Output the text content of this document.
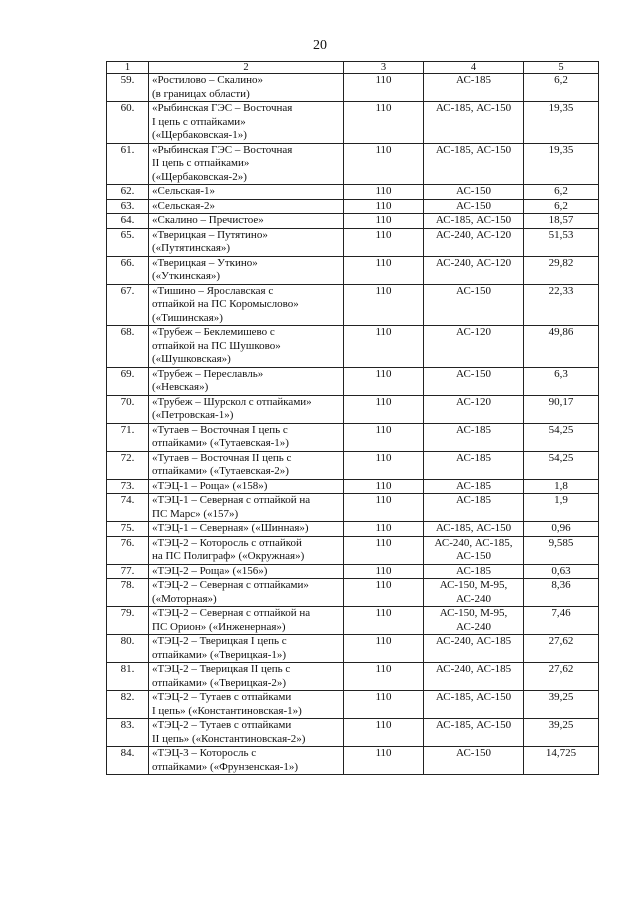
20
1	2	3	4	5
59.	«Ростилово – Скалино»
(в границах области)	110	АС-185	6,2
60.	«Рыбинская ГЭС – Восточная
I цепь с отпайками»
(«Щербаковская-1»)	110	АС-185, АС-150	19,35
61.	«Рыбинская ГЭС – Восточная
II цепь с отпайками»
(«Щербаковская-2»)	110	АС-185, АС-150	19,35
62.	«Сельская-1»	110	АС-150	6,2
63.	«Сельская-2»	110	АС-150	6,2
64.	«Скалино – Пречистое»	110	АС-185, АС-150	18,57
65.	«Тверицкая – Путятино»
(«Путятинская»)	110	АС-240, АС-120	51,53
66.	«Тверицкая – Уткино»
(«Уткинская»)	110	АС-240, АС-120	29,82
67.	«Тишино – Ярославская с
отпайкой на ПС Коромыслово»
(«Тишинская»)	110	АС-150	22,33
68.	«Трубеж – Беклемишево с
отпайкой на ПС Шушково»
(«Шушковская»)	110	АС-120	49,86
69.	«Трубеж – Переславль»
(«Невская»)	110	АС-150	6,3
70.	«Трубеж – Шурскол с отпайками»
(«Петровская-1»)	110	АС-120	90,17
71.	«Тутаев – Восточная I цепь с
отпайками» («Тутаевская-1»)	110	АС-185	54,25
72.	«Тутаев – Восточная II цепь с
отпайками» («Тутаевская-2»)	110	АС-185	54,25
73.	«ТЭЦ-1 – Роща» («158»)	110	АС-185	1,8
74.	«ТЭЦ-1 – Северная с отпайкой на
ПС Марс» («157»)	110	АС-185	1,9
75.	«ТЭЦ-1 – Северная» («Шинная»)	110	АС-185, АС-150	0,96
76.	«ТЭЦ-2 – Которосль с отпайкой
на ПС Полиграф» («Окружная»)	110	АС-240, АС-185,
АС-150	9,585
77.	«ТЭЦ-2 – Роща» («156»)	110	АС-185	0,63
78.	«ТЭЦ-2 – Северная с отпайками»
(«Моторная»)	110	АС-150, М-95,
АС-240	8,36
79.	«ТЭЦ-2 – Северная с отпайкой на
ПС Орион» («Инженерная»)	110	АС-150, М-95,
АС-240	7,46
80.	«ТЭЦ-2 – Тверицкая I цепь с
отпайками» («Тверицкая-1»)	110	АС-240, АС-185	27,62
81.	«ТЭЦ-2 – Тверицкая II цепь с
отпайками» («Тверицкая-2»)	110	АС-240, АС-185	27,62
82.	«ТЭЦ-2 – Тутаев с отпайками
I цепь» («Константиновская-1»)	110	АС-185, АС-150	39,25
83.	«ТЭЦ-2 – Тутаев с отпайками
II цепь» («Константиновская-2»)	110	АС-185, АС-150	39,25
84.	«ТЭЦ-3 – Которосль с
отпайками» («Фрунзенская-1»)	110	АС-150	14,725
